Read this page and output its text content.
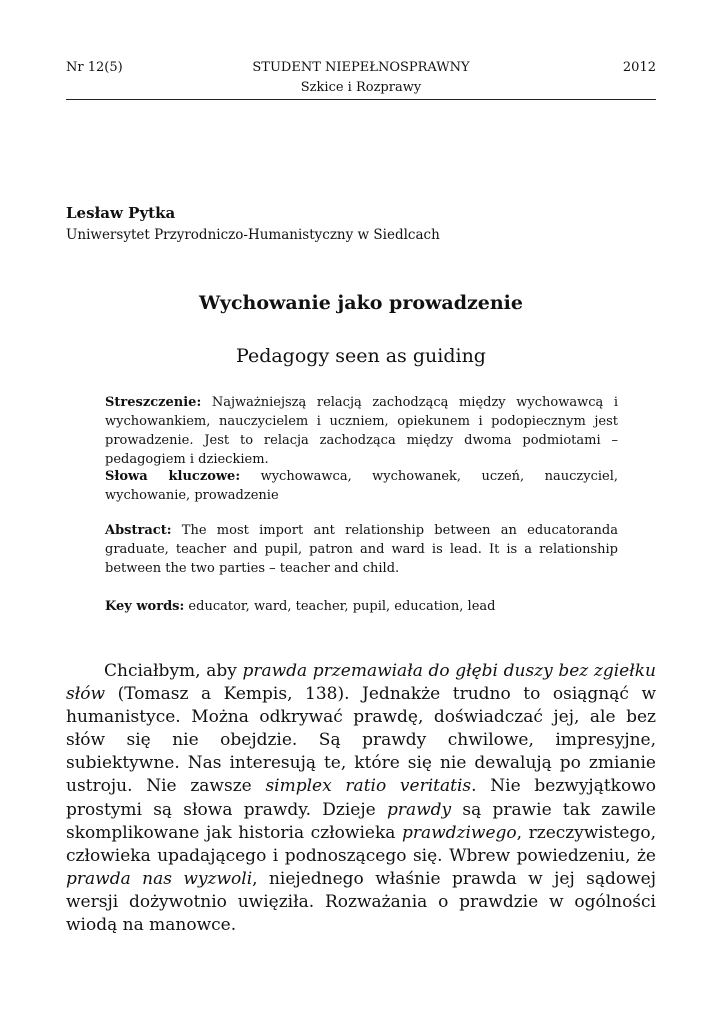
Nr 12(5)	STUDENT NIEPEŁNOSPRAWNY	2012
Szkice i Rozprawy
Lesław Pytka
Uniwersytet Przyrodniczo-Humanistyczny w Siedlcach
Wychowanie jako prowadzenie
Pedagogy seen as guiding
Streszczenie: Najważniejszą relacją zachodzącą między wychowawcą i wychowankiem, nauczycielem i uczniem, opiekunem i podopiecznym jest prowadzenie. Jest to relacja zachodząca między dwoma podmiotami – pedagogiem i dzieckiem.
Słowa kluczowe: wychowawca, wychowanek, uczeń, nauczyciel, wychowanie, prowadzenie
Abstract: The most import ant relationship between an educatoranda graduate, teacher and pupil, patron and ward is lead. It is a relationship between the two parties – teacher and child.
Key words: educator, ward, teacher, pupil, education, lead
Chciałbym, aby prawda przemawiała do głębi duszy bez zgiełku słów (Tomasz a Kempis, 138). Jednakże trudno to osiągnąć w humanistyce. Można odkrywać prawdę, doświadczać jej, ale bez słów się nie obejdzie. Są prawdy chwilowe, impresyjne, subiektywne. Nas interesują te, które się nie dewalują po zmianie ustroju. Nie zawsze simplex ratio veritatis. Nie bezwyjątkowo prostymi są słowa prawdy. Dzieje prawdy są prawie tak zawile skomplikowane jak historia człowieka prawdziwego, rzeczywistego, człowieka upadającego i podnoszącego się. Wbrew powiedzeniu, że prawda nas wyzwoli, niejednego właśnie prawda w jej sądowej wersji dożywotnio uwięziła. Rozważania o prawdzie w ogólności wiodą na manowce.
